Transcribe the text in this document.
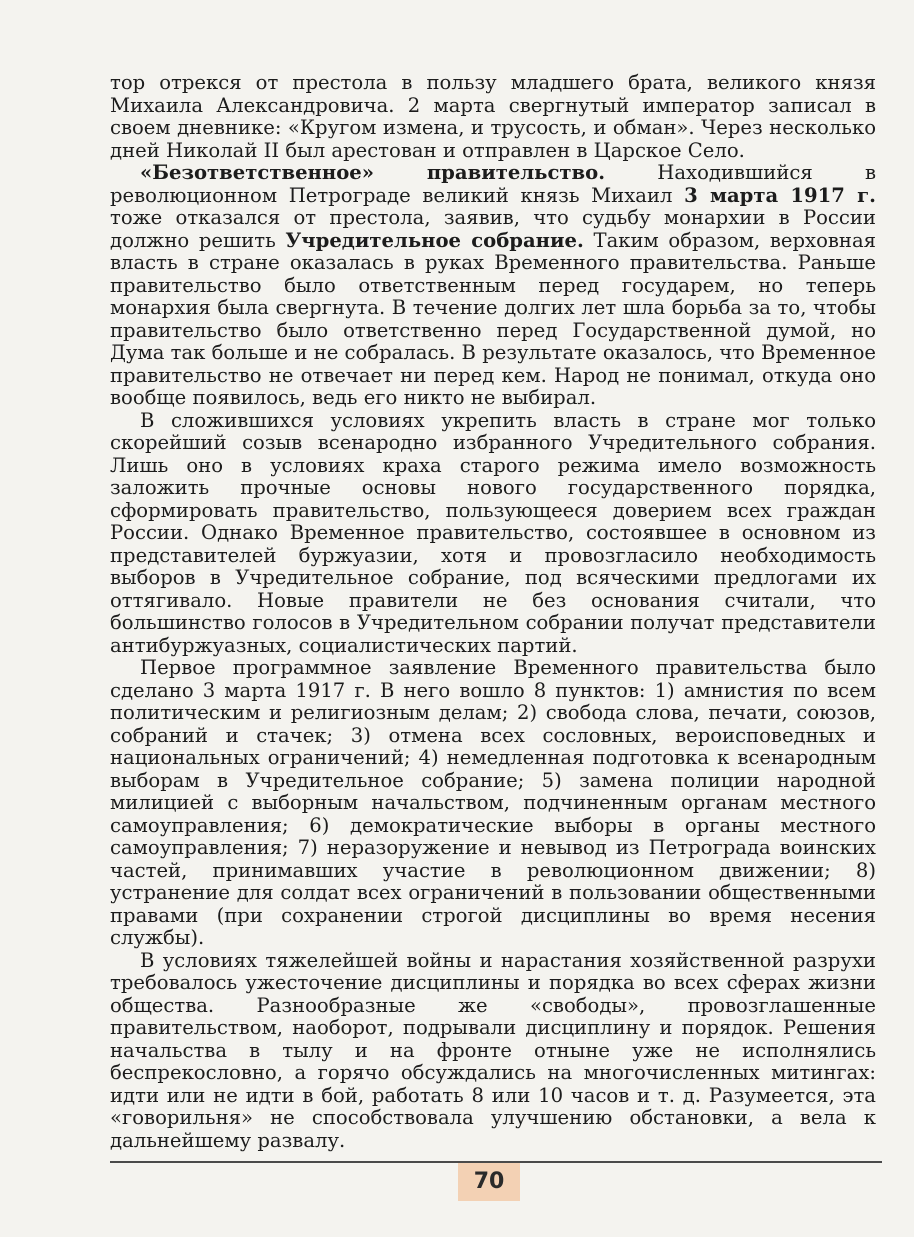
тор отрекся от престола в пользу младшего брата, великого князя Михаила Александровича. 2 марта свергнутый император записал в своем дневнике: «Кругом измена, и трусость, и обман». Через несколько дней Николай II был арестован и отправлен в Царское Село.

«Безответственное» правительство.	Находившийся в революционном Петрограде великий князь Михаил 3 марта 1917 г. тоже отказался от престола, заявив, что судьбу монархии в России должно решить Учредительное собрание. Таким образом, верховная власть в стране оказалась в руках Временного правительства. Раньше правительство было ответственным перед государем, но теперь монархия была свергнута. В течение долгих лет шла борьба за то, чтобы правительство было ответственно перед Государственной думой, но Дума так больше и не собралась. В результате оказалось, что Временное правительство не отвечает ни перед кем. Народ не понимал, откуда оно вообще появилось, ведь его никто не выбирал.

В сложившихся условиях укрепить власть в стране мог только скорейший созыв всенародно избранного Учредительного собрания. Лишь оно в условиях краха старого режима имело возможность заложить прочные основы нового государственного порядка, сформировать правительство, пользующееся доверием всех граждан России. Однако Временное правительство, состоявшее в основном из представителей буржуазии, хотя и провозгласило необходимость выборов в Учредительное собрание, под всяческими предлогами их оттягивало. Новые правители не без основания считали, что большинство голосов в Учредительном собрании получат представители антибуржуазных, социалистических партий.

Первое программное заявление Временного правительства было сделано 3 марта 1917 г. В него вошло 8 пунктов: 1) амнистия по всем политическим и религиозным делам; 2) свобода слова, печати, союзов, собраний и стачек; 3) отмена всех сословных, вероисповедных и национальных ограничений; 4) немедленная подготовка к всенародным выборам в Учредительное собрание; 5) замена полиции народной милицией с выборным начальством, подчиненным органам местного самоуправления; 6) демократические выборы в органы местного самоуправления; 7) неразоружение и невывод из Петрограда воинских частей, принимавших участие в революционном движении; 8) устранение для солдат всех ограничений в пользовании общественными правами (при сохранении строгой дисциплины во время несения службы).

В условиях тяжелейшей войны и нарастания хозяйственной разрухи требовалось ужесточение дисциплины и порядка во всех сферах жизни общества. Разнообразные же «свободы», провозглашенные правительством, наоборот, подрывали дисциплину и порядок. Решения начальства в тылу и на фронте отныне уже не исполнялись беспрекословно, а горячо обсуждались на многочисленных митингах: идти или не идти в бой, работать 8 или 10 часов и т. д. Разумеется, эта «говорильня» не способствовала улучшению обстановки, а вела к дальнейшему развалу.

70
